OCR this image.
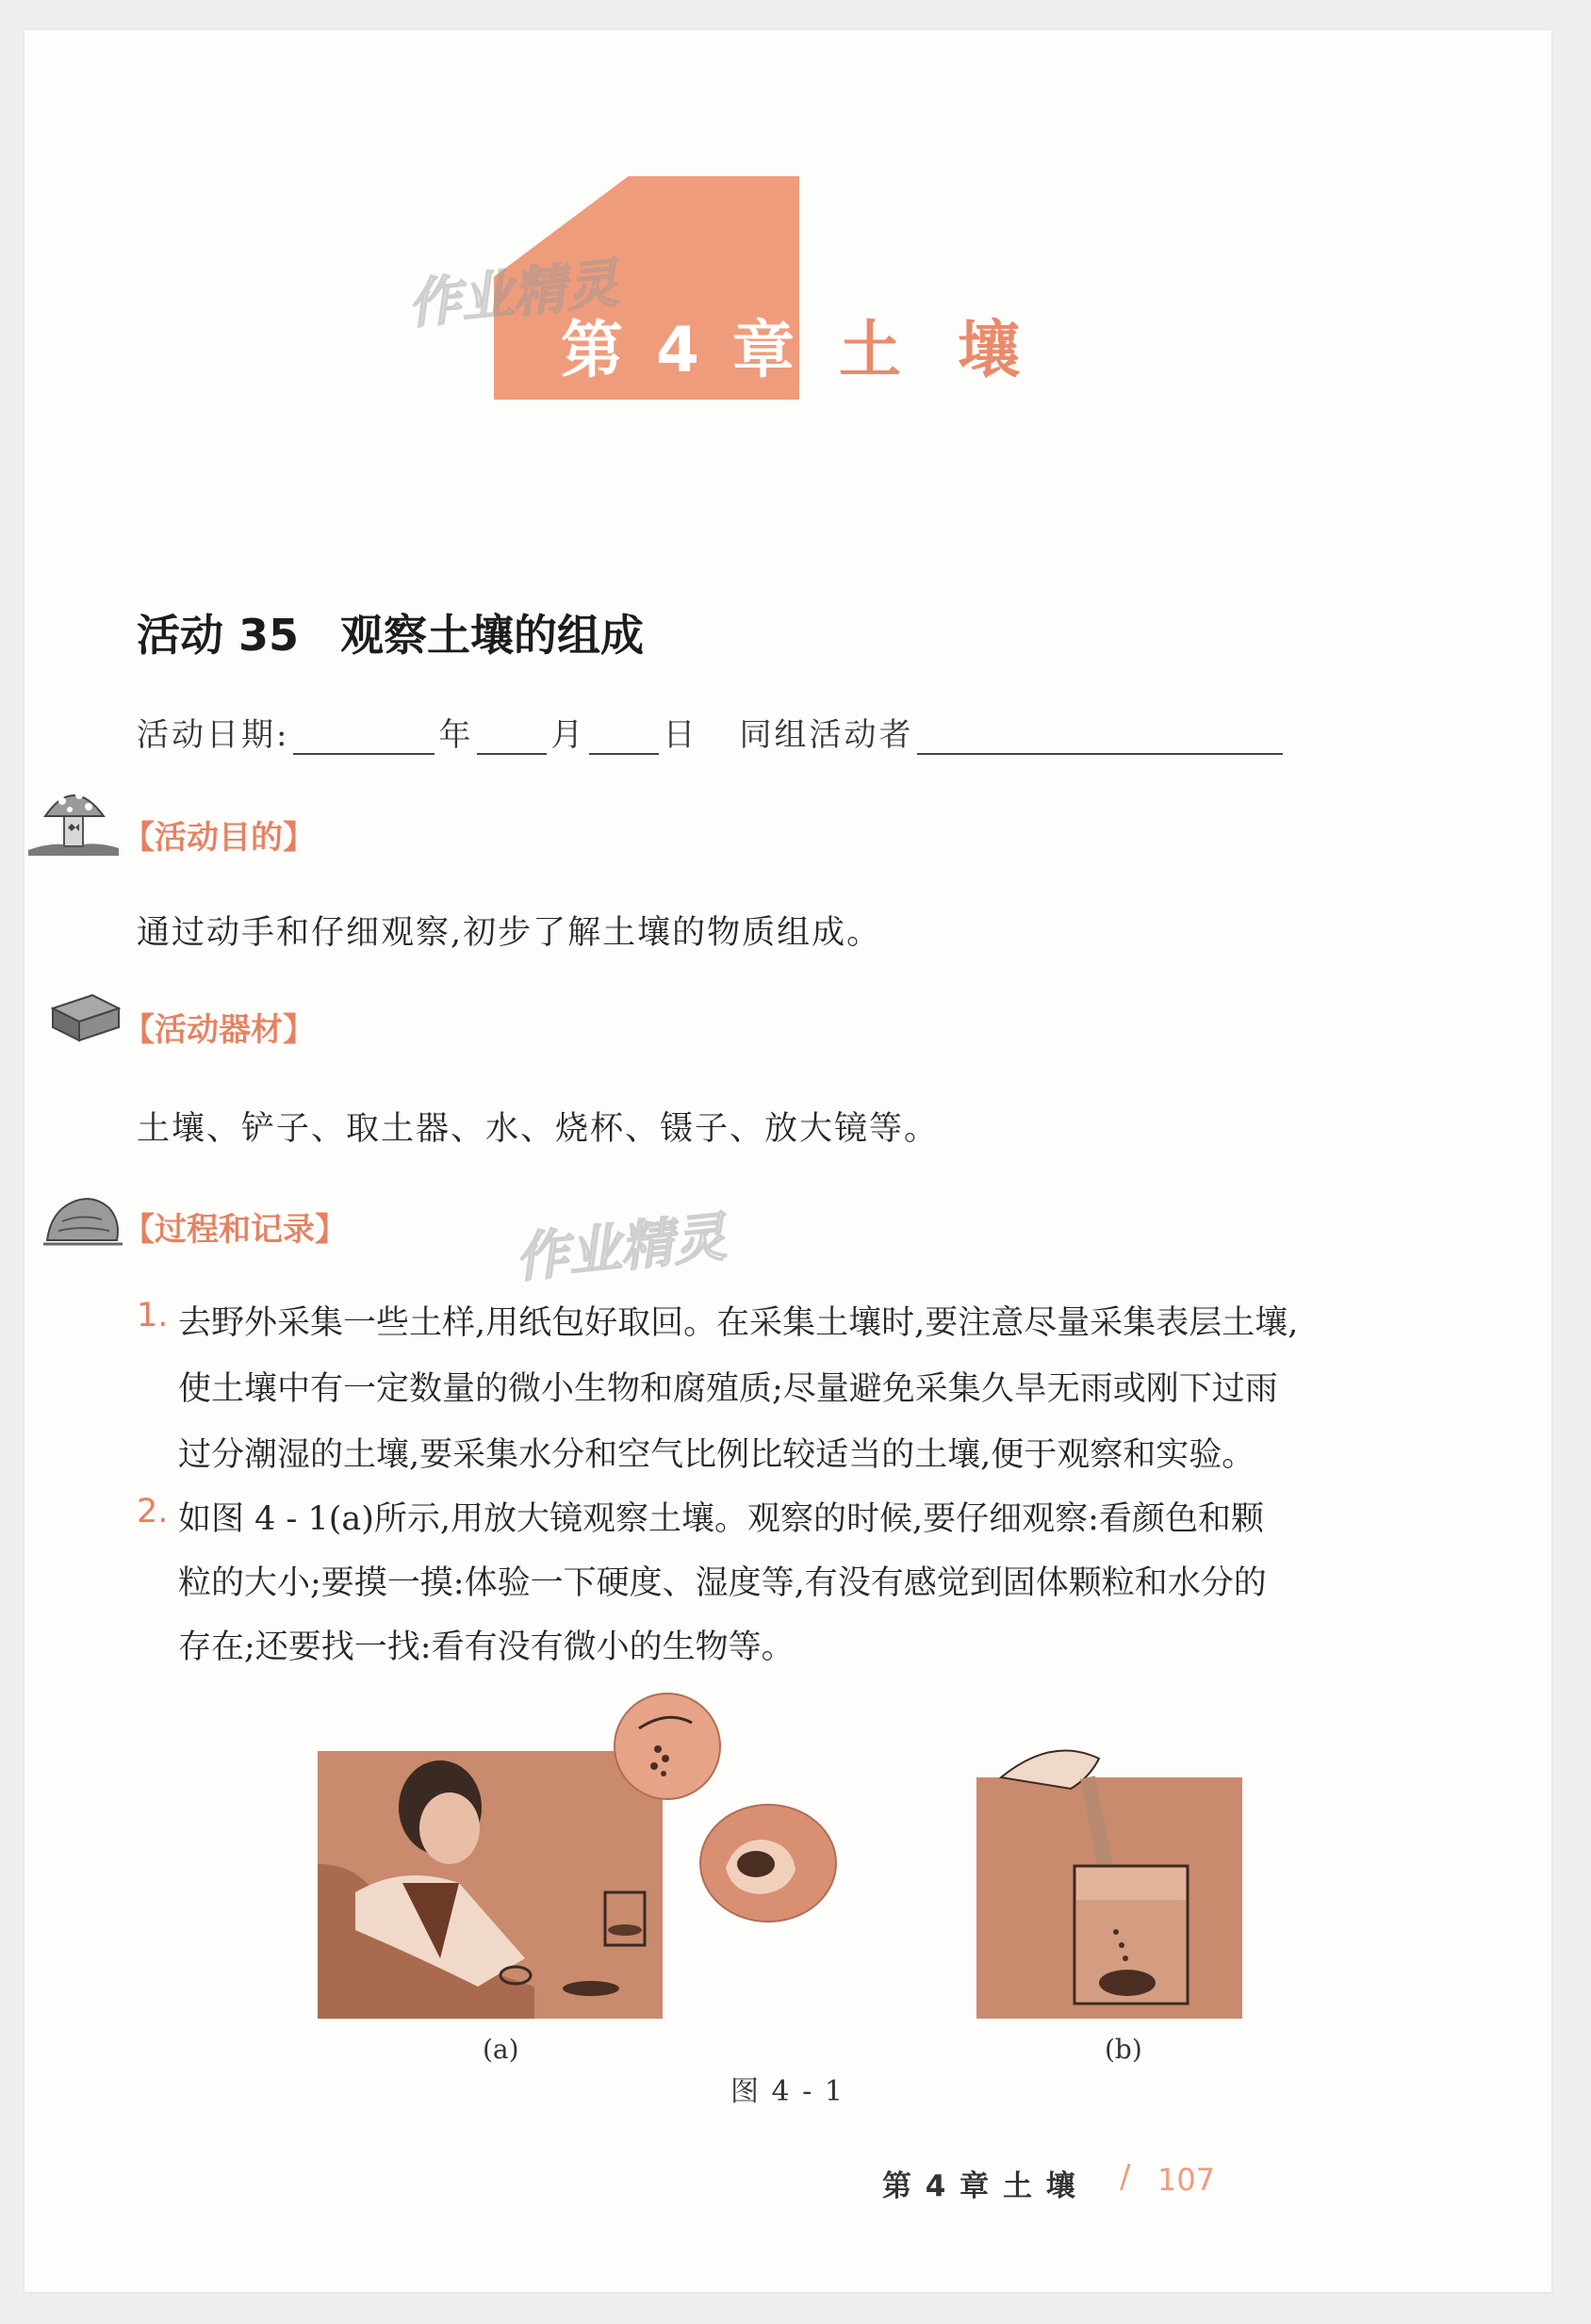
作业精灵
第 4 章 土壤
活动 35 观察土壤的组成
活动日期:	年 月 日 同组活动者
【活动目的】
通过动手和仔细观察,初步了解土壤的物质组成。
【活动器材】
土壤、铲子、取土器、水、烧杯、镊子、放大镜等。
【过程和记录】	作业精灵
1. 去野外采集一些土样,用纸包好取回。在采集土壤时,要注意尽量采集表层土壤,
使土壤中有一定数量的微小生物和腐殖质;尽量避免采集久旱无雨或刚下过雨
过分潮湿的土壤,要采集水分和空气比例比较适当的土壤,便于观察和实验。
2. 如图 4 - 1(a)所示,用放大镜观察土壤。观察的时候,要仔细观察:看颜色和颗
粒的大小;要摸一摸:体验一下硬度、湿度等,有没有感觉到固体颗粒和水分的
存在;还要找一找:看有没有微小的生物等。
(a)	(b)
图 4 - 1
第 4 章 土 壤 / 107
